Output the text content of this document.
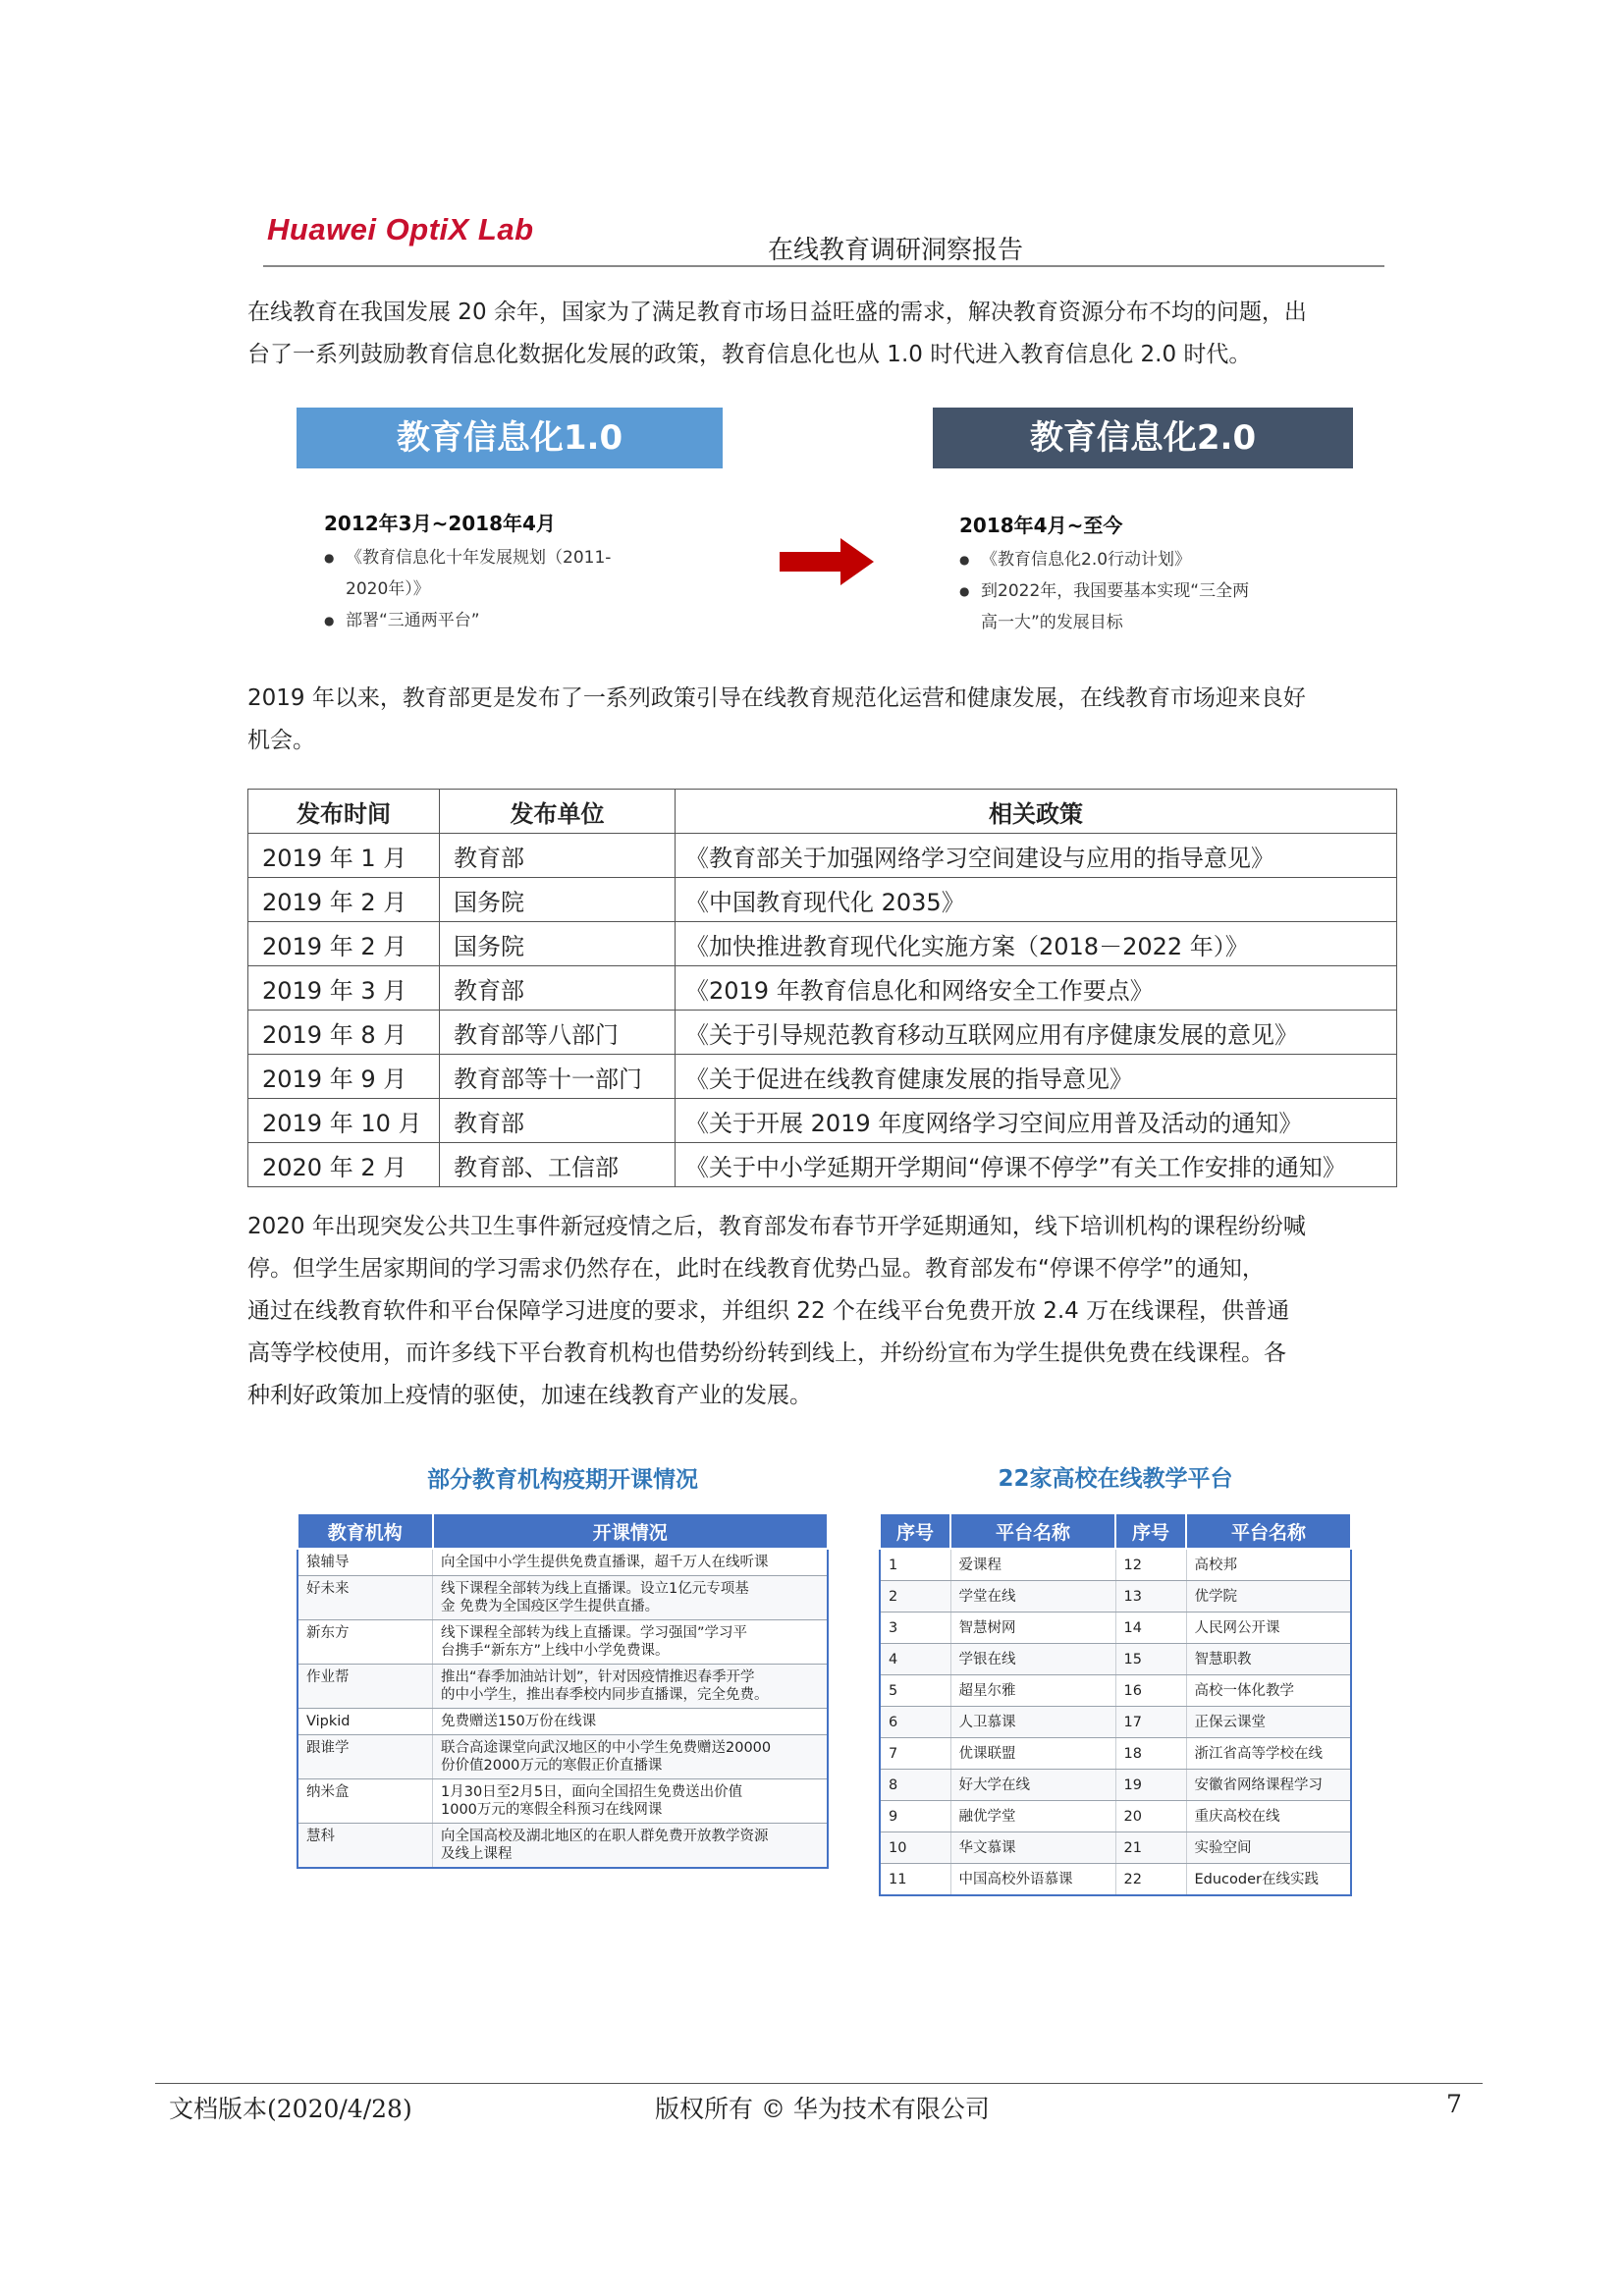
Huawei OptiX Lab
在线教育调研洞察报告

在线教育在我国发展 20 余年，国家为了满足教育市场日益旺盛的需求，解决教育资源分布不均的问题，出

台了一系列鼓励教育信息化数据化发展的政策，教育信息化也从 1.0 时代进入教育信息化 2.0 时代。

教育信息化1.0	教育信息化2.0
2012年3月~2018年4月
● 《教育信息化十年发展规划（2011-
2020年）》
● 部署“三通两平台”
2018年4月~至今
● 《教育信息化2.0行动计划》
● 到2022年，我国要基本实现“三全两
高一大”的发展目标

2019 年以来，教育部更是发布了一系列政策引导在线教育规范化运营和健康发展，在线教育市场迎来良好

机会。

发布时间	发布单位	相关政策
2019 年 1 月	教育部	《教育部关于加强网络学习空间建设与应用的指导意见》
2019 年 2 月	国务院	《中国教育现代化 2035》
2019 年 2 月	国务院	《加快推进教育现代化实施方案（2018－2022 年）》
2019 年 3 月	教育部	《2019 年教育信息化和网络安全工作要点》
2019 年 8 月	教育部等八部门	《关于引导规范教育移动互联网应用有序健康发展的意见》
2019 年 9 月	教育部等十一部门	《关于促进在线教育健康发展的指导意见》
2019 年 10 月	教育部	《关于开展 2019 年度网络学习空间应用普及活动的通知》
2020 年 2 月	教育部、工信部	《关于中小学延期开学期间“停课不停学”有关工作安排的通知》

2020 年出现突发公共卫生事件新冠疫情之后，教育部发布春节开学延期通知，线下培训机构的课程纷纷喊

停。但学生居家期间的学习需求仍然存在，此时在线教育优势凸显。教育部发布“停课不停学”的通知，

通过在线教育软件和平台保障学习进度的要求，并组织 22 个在线平台免费开放 2.4 万在线课程，供普通

高等学校使用，而许多线下平台教育机构也借势纷纷转到线上，并纷纷宣布为学生提供免费在线课程。各

种利好政策加上疫情的驱使，加速在线教育产业的发展。

部分教育机构疫期开课情况
教育机构	开课情况
猿辅导	向全国中小学生提供免费直播课，超千万人在线听课
好未来	线下课程全部转为线上直播课。设立1亿元专项基
金 免费为全国疫区学生提供直播。
新东方	线下课程全部转为线上直播课。学习强国”学习平
台携手“新东方”上线中小学免费课。
作业帮	推出“春季加油站计划”，针对因疫情推迟春季开学
的中小学生，推出春季校内同步直播课，完全免费。
Vipkid	免费赠送150万份在线课
跟谁学	联合高途课堂向武汉地区的中小学生免费赠送20000
份价值2000万元的寒假正价直播课
纳米盒	1月30日至2月5日，面向全国招生免费送出价值
1000万元的寒假全科预习在线网课
慧科	向全国高校及湖北地区的在职人群免费开放教学资源
及线上课程
22家高校在线教学平台
序号	平台名称	序号	平台名称
1	爱课程	12	高校邦
2	学堂在线	13	优学院
3	智慧树网	14	人民网公开课
4	学银在线	15	智慧职教
5	超星尔雅	16	高校一体化教学
6	人卫慕课	17	正保云课堂
7	优课联盟	18	浙江省高等学校在线
8	好大学在线	19	安徽省网络课程学习
9	融优学堂	20	重庆高校在线
10	华文慕课	21	实验空间
11	中国高校外语慕课	22	Educoder在线实践
文档版本(2020/4/28)	版权所有 © 华为技术有限公司	7
